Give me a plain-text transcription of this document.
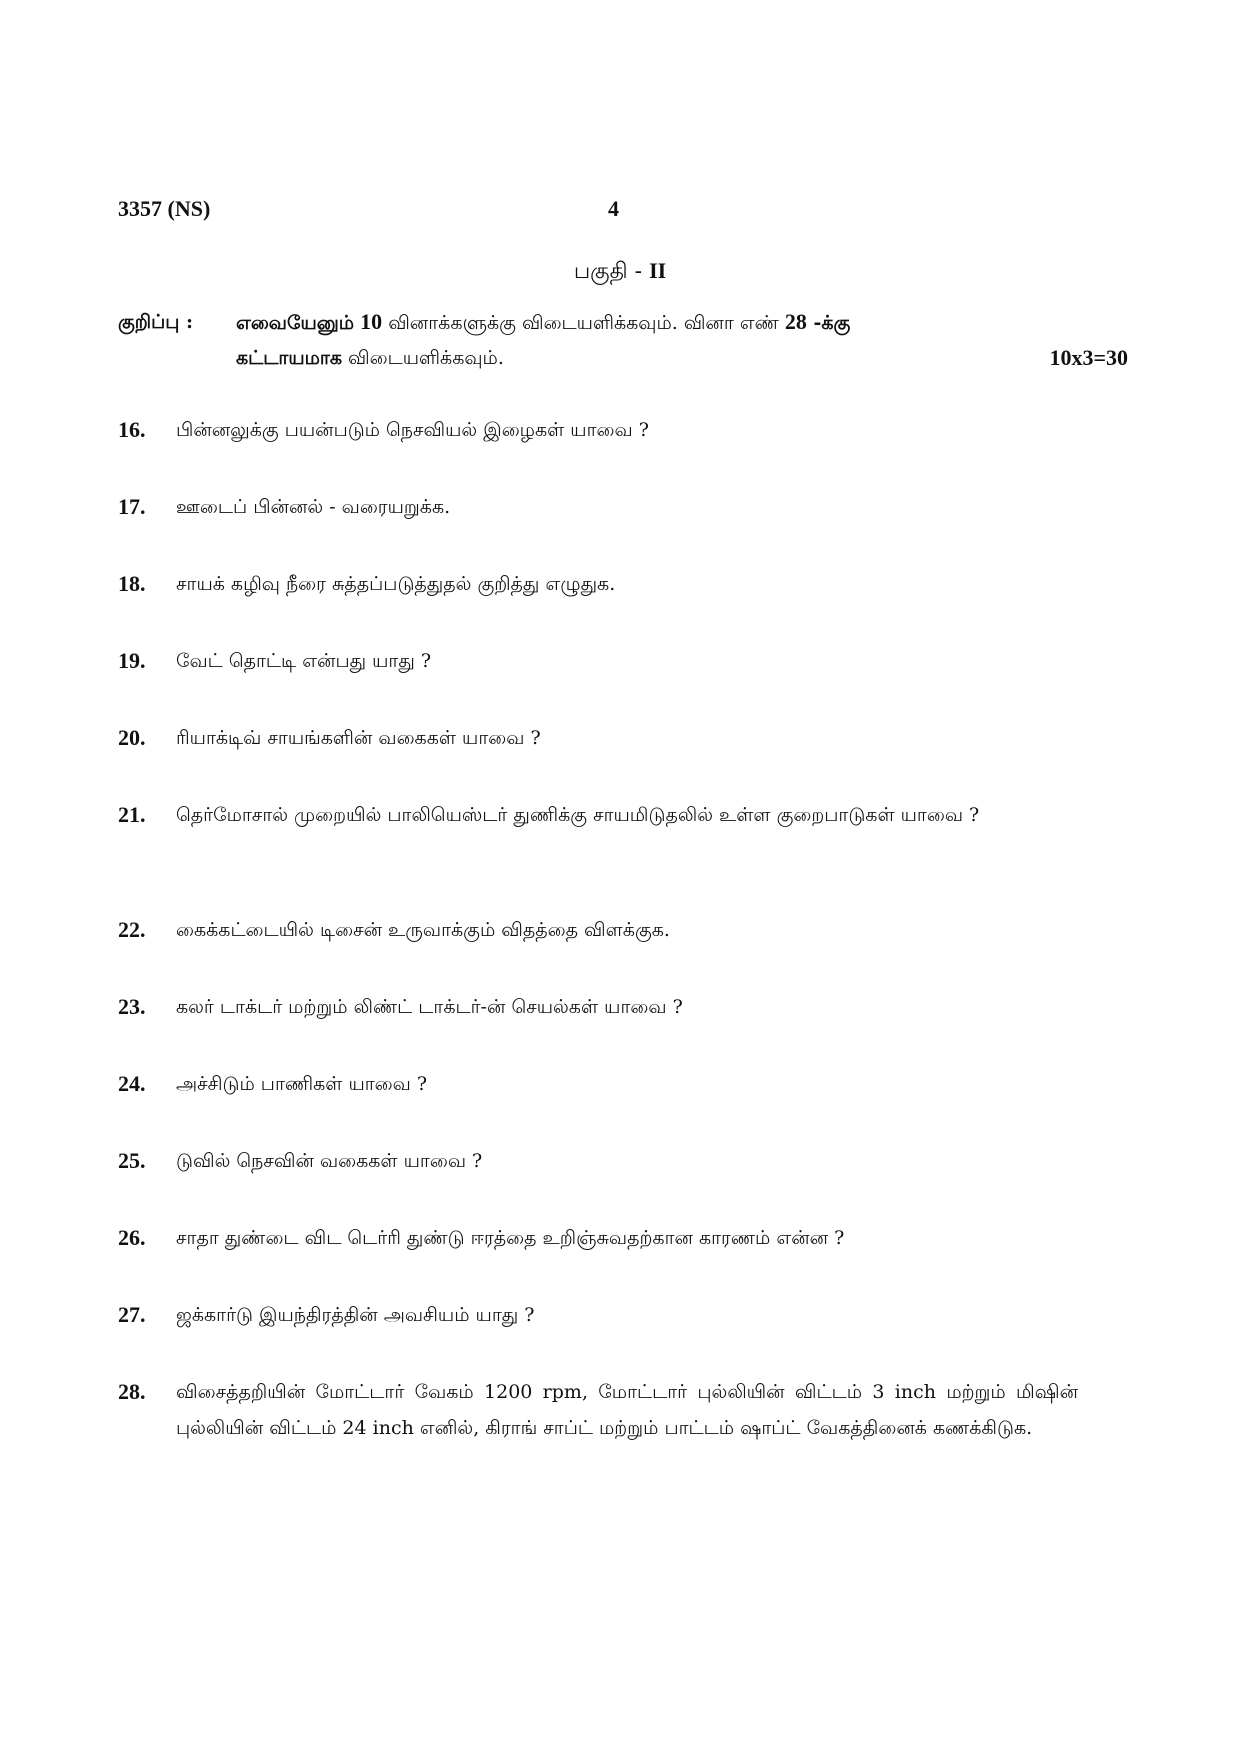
3357 (NS)	4
பகுதி - II
குறிப்பு : எவையேனும் 10 வினாக்களுக்கு விடையளிக்கவும். வினா எண் 28 -க்கு
கட்டாயமாக விடையளிக்கவும்.	10x3=30
16. பின்னலுக்கு பயன்படும் நெசவியல் இழைகள் யாவை ?
17. ஊடைப் பின்னல் - வரையறுக்க.
18. சாயக் கழிவு நீரை சுத்தப்படுத்துதல் குறித்து எழுதுக.
19. வேட் தொட்டி என்பது யாது ?
20. ரியாக்டிவ் சாயங்களின் வகைகள் யாவை ?
21. தெர்மோசால் முறையில் பாலியெஸ்டர் துணிக்கு சாயமிடுதலில் உள்ள குறைபாடுகள் யாவை ?
22. கைக்கட்டையில் டிசைன் உருவாக்கும் விதத்தை விளக்குக.
23. கலர் டாக்டர் மற்றும் லிண்ட் டாக்டர்-ன் செயல்கள் யாவை ?
24. அச்சிடும் பாணிகள் யாவை ?
25. டுவில் நெசவின் வகைகள் யாவை ?
26. சாதா துண்டை விட டெர்ரி துண்டு ஈரத்தை உறிஞ்சுவதற்கான காரணம் என்ன ?
27. ஜக்கார்டு இயந்திரத்தின் அவசியம் யாது ?
28. விசைத்தறியின் மோட்டார் வேகம் 1200 rpm, மோட்டார் புல்லியின் விட்டம் 3 inch மற்றும் மிஷின் புல்லியின் விட்டம் 24 inch எனில், கிராங் சாப்ட் மற்றும் பாட்டம் ஷாப்ட் வேகத்தினைக் கணக்கிடுக.
